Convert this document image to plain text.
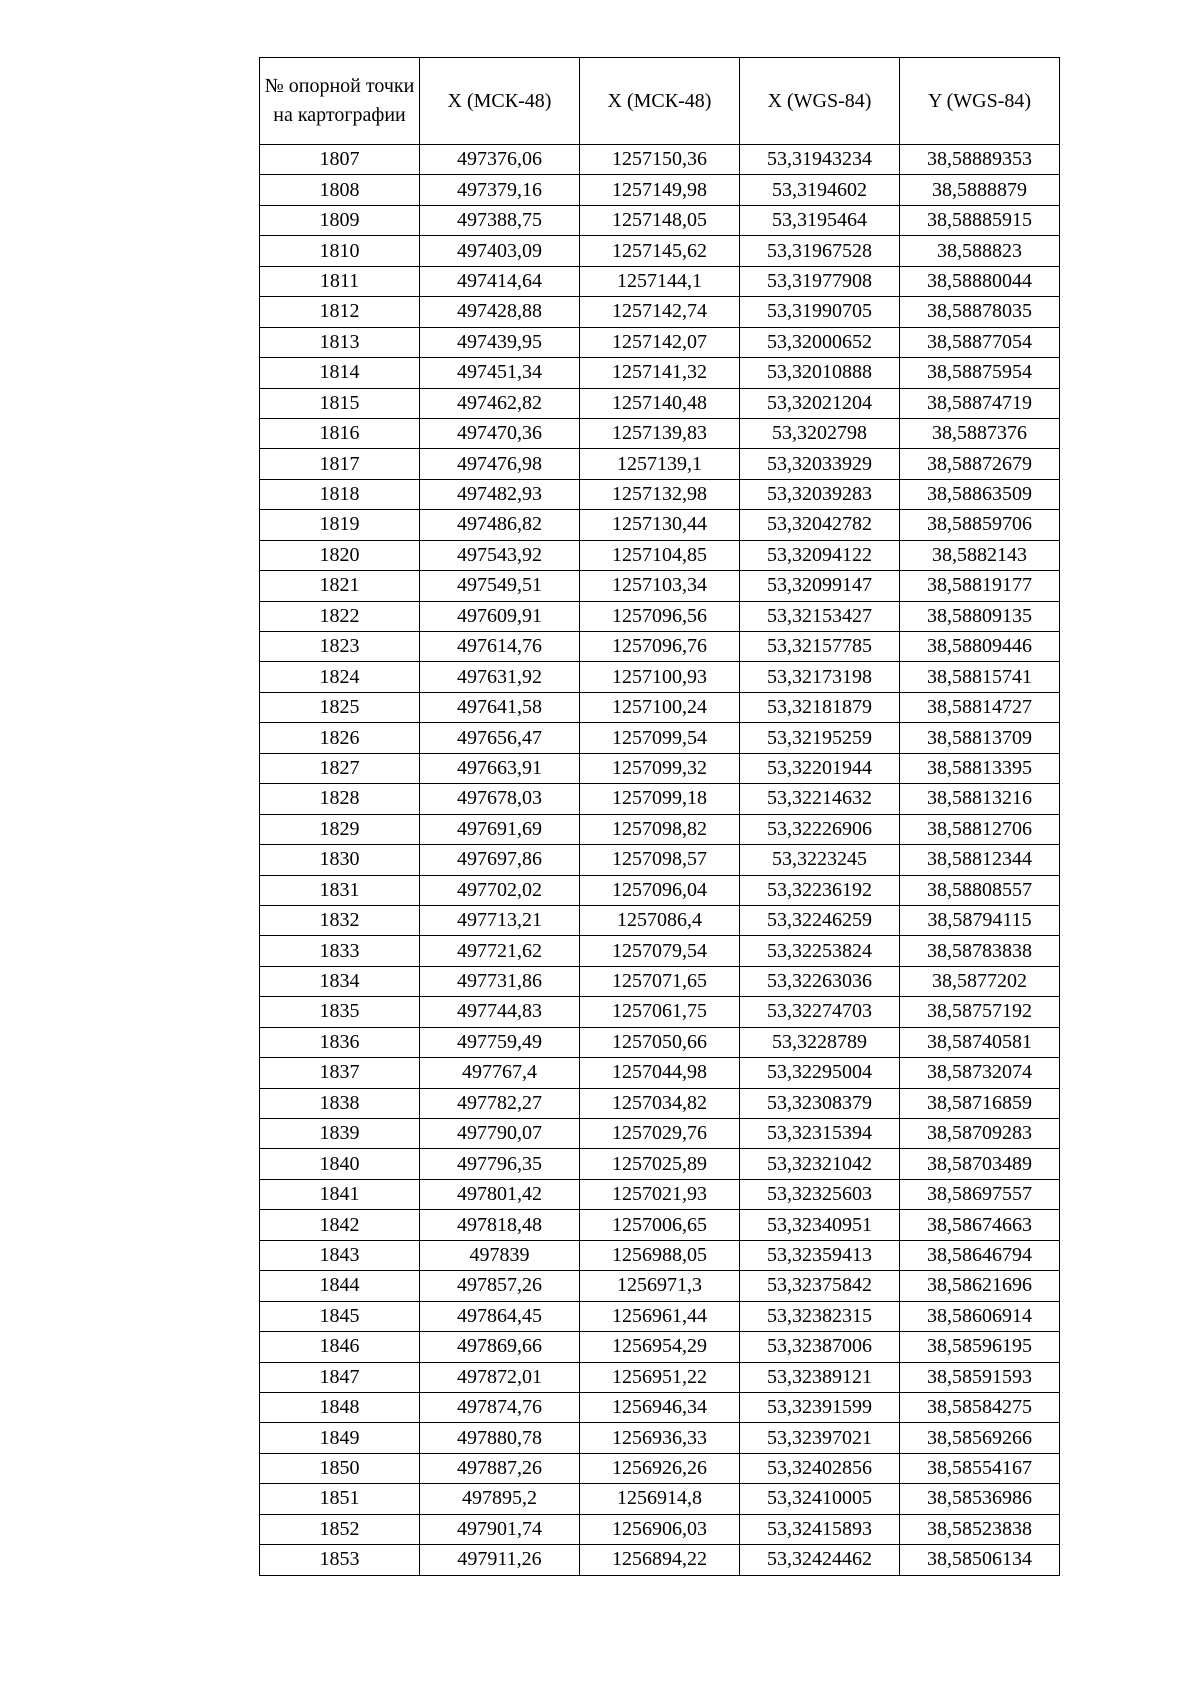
№ опорной точки на картографии	X (МСК-48)	X (МСК-48)	X (WGS-84)	Y (WGS-84)
1807	497376,06	1257150,36	53,31943234	38,58889353
1808	497379,16	1257149,98	53,3194602	38,5888879
1809	497388,75	1257148,05	53,3195464	38,58885915
1810	497403,09	1257145,62	53,31967528	38,588823
1811	497414,64	1257144,1	53,31977908	38,58880044
1812	497428,88	1257142,74	53,31990705	38,58878035
1813	497439,95	1257142,07	53,32000652	38,58877054
1814	497451,34	1257141,32	53,32010888	38,58875954
1815	497462,82	1257140,48	53,32021204	38,58874719
1816	497470,36	1257139,83	53,3202798	38,5887376
1817	497476,98	1257139,1	53,32033929	38,58872679
1818	497482,93	1257132,98	53,32039283	38,58863509
1819	497486,82	1257130,44	53,32042782	38,58859706
1820	497543,92	1257104,85	53,32094122	38,5882143
1821	497549,51	1257103,34	53,32099147	38,58819177
1822	497609,91	1257096,56	53,32153427	38,58809135
1823	497614,76	1257096,76	53,32157785	38,58809446
1824	497631,92	1257100,93	53,32173198	38,58815741
1825	497641,58	1257100,24	53,32181879	38,58814727
1826	497656,47	1257099,54	53,32195259	38,58813709
1827	497663,91	1257099,32	53,32201944	38,58813395
1828	497678,03	1257099,18	53,32214632	38,58813216
1829	497691,69	1257098,82	53,32226906	38,58812706
1830	497697,86	1257098,57	53,3223245	38,58812344
1831	497702,02	1257096,04	53,32236192	38,58808557
1832	497713,21	1257086,4	53,32246259	38,58794115
1833	497721,62	1257079,54	53,32253824	38,58783838
1834	497731,86	1257071,65	53,32263036	38,5877202
1835	497744,83	1257061,75	53,32274703	38,58757192
1836	497759,49	1257050,66	53,3228789	38,58740581
1837	497767,4	1257044,98	53,32295004	38,58732074
1838	497782,27	1257034,82	53,32308379	38,58716859
1839	497790,07	1257029,76	53,32315394	38,58709283
1840	497796,35	1257025,89	53,32321042	38,58703489
1841	497801,42	1257021,93	53,32325603	38,58697557
1842	497818,48	1257006,65	53,32340951	38,58674663
1843	497839	1256988,05	53,32359413	38,58646794
1844	497857,26	1256971,3	53,32375842	38,58621696
1845	497864,45	1256961,44	53,32382315	38,58606914
1846	497869,66	1256954,29	53,32387006	38,58596195
1847	497872,01	1256951,22	53,32389121	38,58591593
1848	497874,76	1256946,34	53,32391599	38,58584275
1849	497880,78	1256936,33	53,32397021	38,58569266
1850	497887,26	1256926,26	53,32402856	38,58554167
1851	497895,2	1256914,8	53,32410005	38,58536986
1852	497901,74	1256906,03	53,32415893	38,58523838
1853	497911,26	1256894,22	53,32424462	38,58506134
